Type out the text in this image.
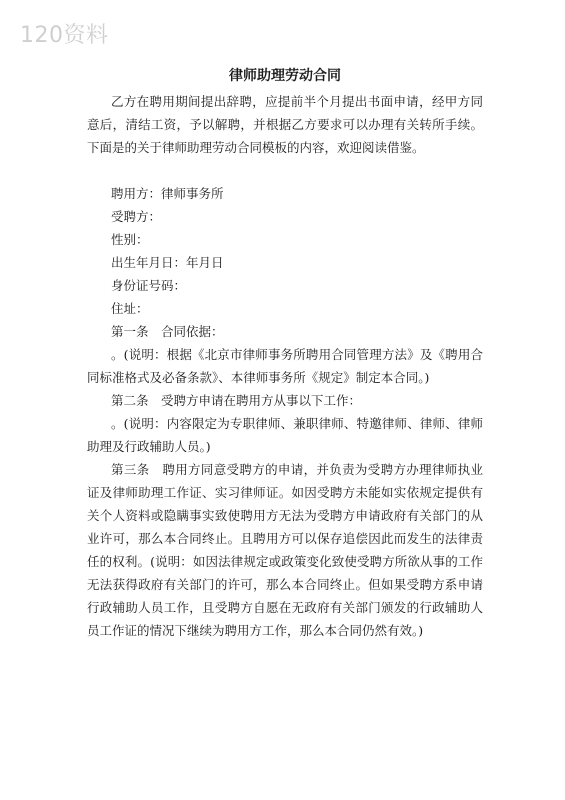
120资料
律师助理劳动合同

乙方在聘用期间提出辞聘，应提前半个月提出书面申请，经甲方同意后，清结工资，予以解聘，并根据乙方要求可以办理有关转所手续。下面是的关于律师助理劳动合同模板的内容，欢迎阅读借鉴。

聘用方：律师事务所

受聘方：

性别：

出生年月日：年月日

身份证号码：

住址：

第一条　合同依据：

。(说明：根据《北京市律师事务所聘用合同管理方法》及《聘用合同标准格式及必备条款》、本律师事务所《规定》制定本合同。)

第二条　受聘方申请在聘用方从事以下工作：

。(说明：内容限定为专职律师、兼职律师、特邀律师、律师、律师助理及行政辅助人员。)

第三条　聘用方同意受聘方的申请，并负责为受聘方办理律师执业证及律师助理工作证、实习律师证。如因受聘方未能如实依规定提供有关个人资料或隐瞒事实致使聘用方无法为受聘方申请政府有关部门的从业许可，那么本合同终止。且聘用方可以保存追偿因此而发生的法律责任的权利。(说明：如因法律规定或政策变化致使受聘方所欲从事的工作无法获得政府有关部门的许可，那么本合同终止。但如果受聘方系申请行政辅助人员工作，且受聘方自愿在无政府有关部门颁发的行政辅助人员工作证的情况下继续为聘用方工作，那么本合同仍然有效。)
